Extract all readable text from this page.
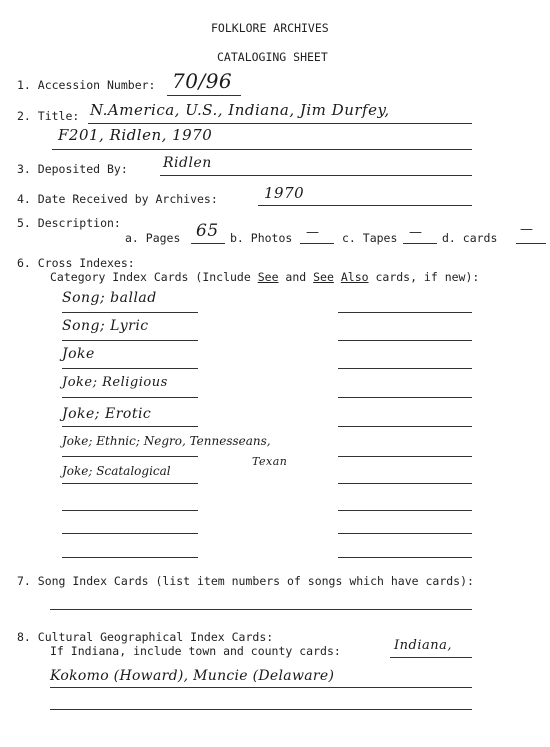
FOLKLORE ARCHIVES
CATALOGING SHEET
1. Accession Number: 70/96
2. Title: N.America, U.S., Indiana, Jim Durfey,
F201, Ridlen, 1970
3. Deposited By:	Ridlen
4. Date Received by Archives:	1970
5. Description:
a. Pages 65 b. Photos — c. Tapes — d. cards
—
6. Cross Indexes:
Category Index Cards (Include See and See Also cards, if new):
Song; ballad
Song; Lyric
Joke
Joke; Religious
Joke; Erotic
Joke; Ethnic; Negro, Tennesseans,
Texan
Joke; Scatalogical
7. Song Index Cards (list item numbers of songs which have cards):
8. Cultural Geographical Index Cards:
If Indiana, include town and county cards:	Indiana,
Kokomo (Howard), Muncie (Delaware)
